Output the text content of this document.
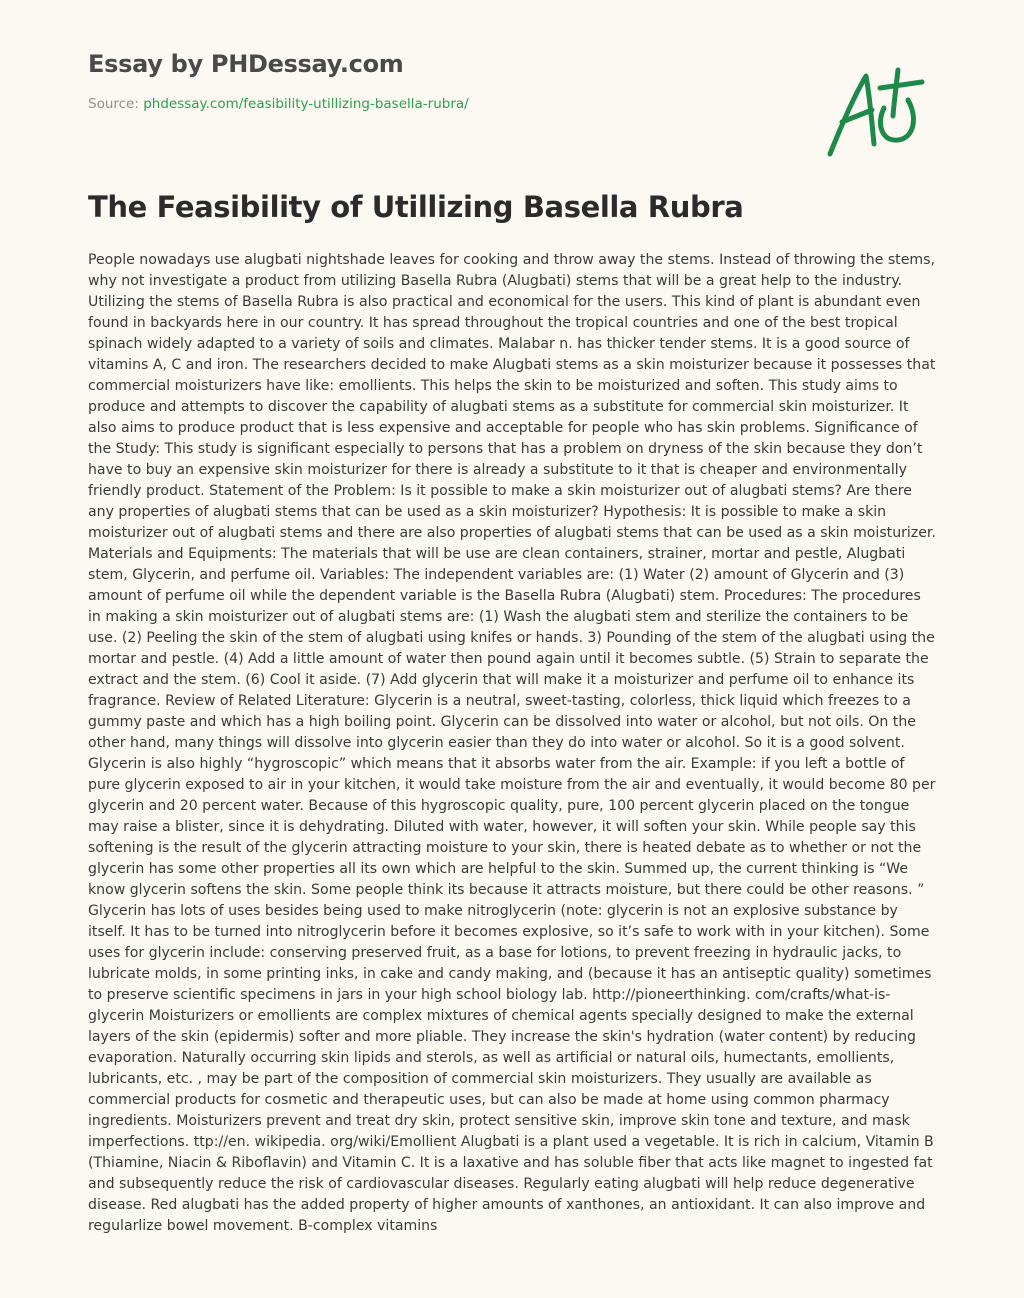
Essay by PHDessay.com
Source: phdessay.com/feasibility-utillizing-basella-rubra/
The Feasibility of Utillizing Basella Rubra

People nowadays use alugbati nightshade leaves for cooking and throw away the stems. Instead of throwing the stems, why not investigate a product from utilizing Basella Rubra (Alugbati) stems that will be a great help to the industry. Utilizing the stems of Basella Rubra is also practical and economical for the users. This kind of plant is abundant even found in backyards here in our country. It has spread throughout the tropical countries and one of the best tropical spinach widely adapted to a variety of soils and climates. Malabar n. has thicker tender stems. It is a good source of vitamins A, C and iron. The researchers decided to make Alugbati stems as a skin moisturizer because it possesses that commercial moisturizers have like: emollients. This helps the skin to be moisturized and soften. This study aims to produce and attempts to discover the capability of alugbati stems as a substitute for commercial skin moisturizer. It also aims to produce product that is less expensive and acceptable for people who has skin problems. Significance of the Study: This study is significant especially to persons that has a problem on dryness of the skin because they don’t have to buy an expensive skin moisturizer for there is already a substitute to it that is cheaper and environmentally friendly product. Statement of the Problem: Is it possible to make a skin moisturizer out of alugbati stems? Are there any properties of alugbati stems that can be used as a skin moisturizer? Hypothesis: It is possible to make a skin moisturizer out of alugbati stems and there are also properties of alugbati stems that can be used as a skin moisturizer. Materials and Equipments: The materials that will be use are clean containers, strainer, mortar and pestle, Alugbati stem, Glycerin, and perfume oil. Variables: The independent variables are: (1) Water (2) amount of Glycerin and (3) amount of perfume oil while the dependent variable is the Basella Rubra (Alugbati) stem. Procedures: The procedures in making a skin moisturizer out of alugbati stems are: (1) Wash the alugbati stem and sterilize the containers to be use. (2) Peeling the skin of the stem of alugbati using knifes or hands. 3) Pounding of the stem of the alugbati using the mortar and pestle. (4) Add a little amount of water then pound again until it becomes subtle. (5) Strain to separate the extract and the stem. (6) Cool it aside. (7) Add glycerin that will make it a moisturizer and perfume oil to enhance its fragrance. Review of Related Literature: Glycerin is a neutral, sweet-tasting, colorless, thick liquid which freezes to a gummy paste and which has a high boiling point. Glycerin can be dissolved into water or alcohol, but not oils. On the other hand, many things will dissolve into glycerin easier than they do into water or alcohol. So it is a good solvent. Glycerin is also highly “hygroscopic” which means that it absorbs water from the air. Example: if you left a bottle of pure glycerin exposed to air in your kitchen, it would take moisture from the air and eventually, it would become 80 per glycerin and 20 percent water. Because of this hygroscopic quality, pure, 100 percent glycerin placed on the tongue may raise a blister, since it is dehydrating. Diluted with water, however, it will soften your skin. While people say this softening is the result of the glycerin attracting moisture to your skin, there is heated debate as to whether or not the glycerin has some other properties all its own which are helpful to the skin. Summed up, the current thinking is “We know glycerin softens the skin. Some people think its because it attracts moisture, but there could be other reasons. ” Glycerin has lots of uses besides being used to make nitroglycerin (note: glycerin is not an explosive substance by itself. It has to be turned into nitroglycerin before it becomes explosive, so it’s safe to work with in your kitchen). Some uses for glycerin include: conserving preserved fruit, as a base for lotions, to prevent freezing in hydraulic jacks, to lubricate molds, in some printing inks, in cake and candy making, and (because it has an antiseptic quality) sometimes to preserve scientific specimens in jars in your high school biology lab. http://pioneerthinking. com/crafts/what-is-glycerin Moisturizers or emollients are complex mixtures of chemical agents specially designed to make the external layers of the skin (epidermis) softer and more pliable. They increase the skin's hydration (water content) by reducing evaporation. Naturally occurring skin lipids and sterols, as well as artificial or natural oils, humectants, emollients, lubricants, etc. , may be part of the composition of commercial skin moisturizers. They usually are available as commercial products for cosmetic and therapeutic uses, but can also be made at home using common pharmacy ingredients. Moisturizers prevent and treat dry skin, protect sensitive skin, improve skin tone and texture, and mask imperfections. ttp://en. wikipedia. org/wiki/Emollient Alugbati is a plant used a vegetable. It is rich in calcium, Vitamin B (Thiamine, Niacin & Riboflavin) and Vitamin C. It is a laxative and has soluble fiber that acts like magnet to ingested fat and subsequently reduce the risk of cardiovascular diseases. Regularly eating alugbati will help reduce degenerative disease. Red alugbati has the added property of higher amounts of xanthones, an antioxidant. It can also improve and regularlize bowel movement. B-complex vitamins
